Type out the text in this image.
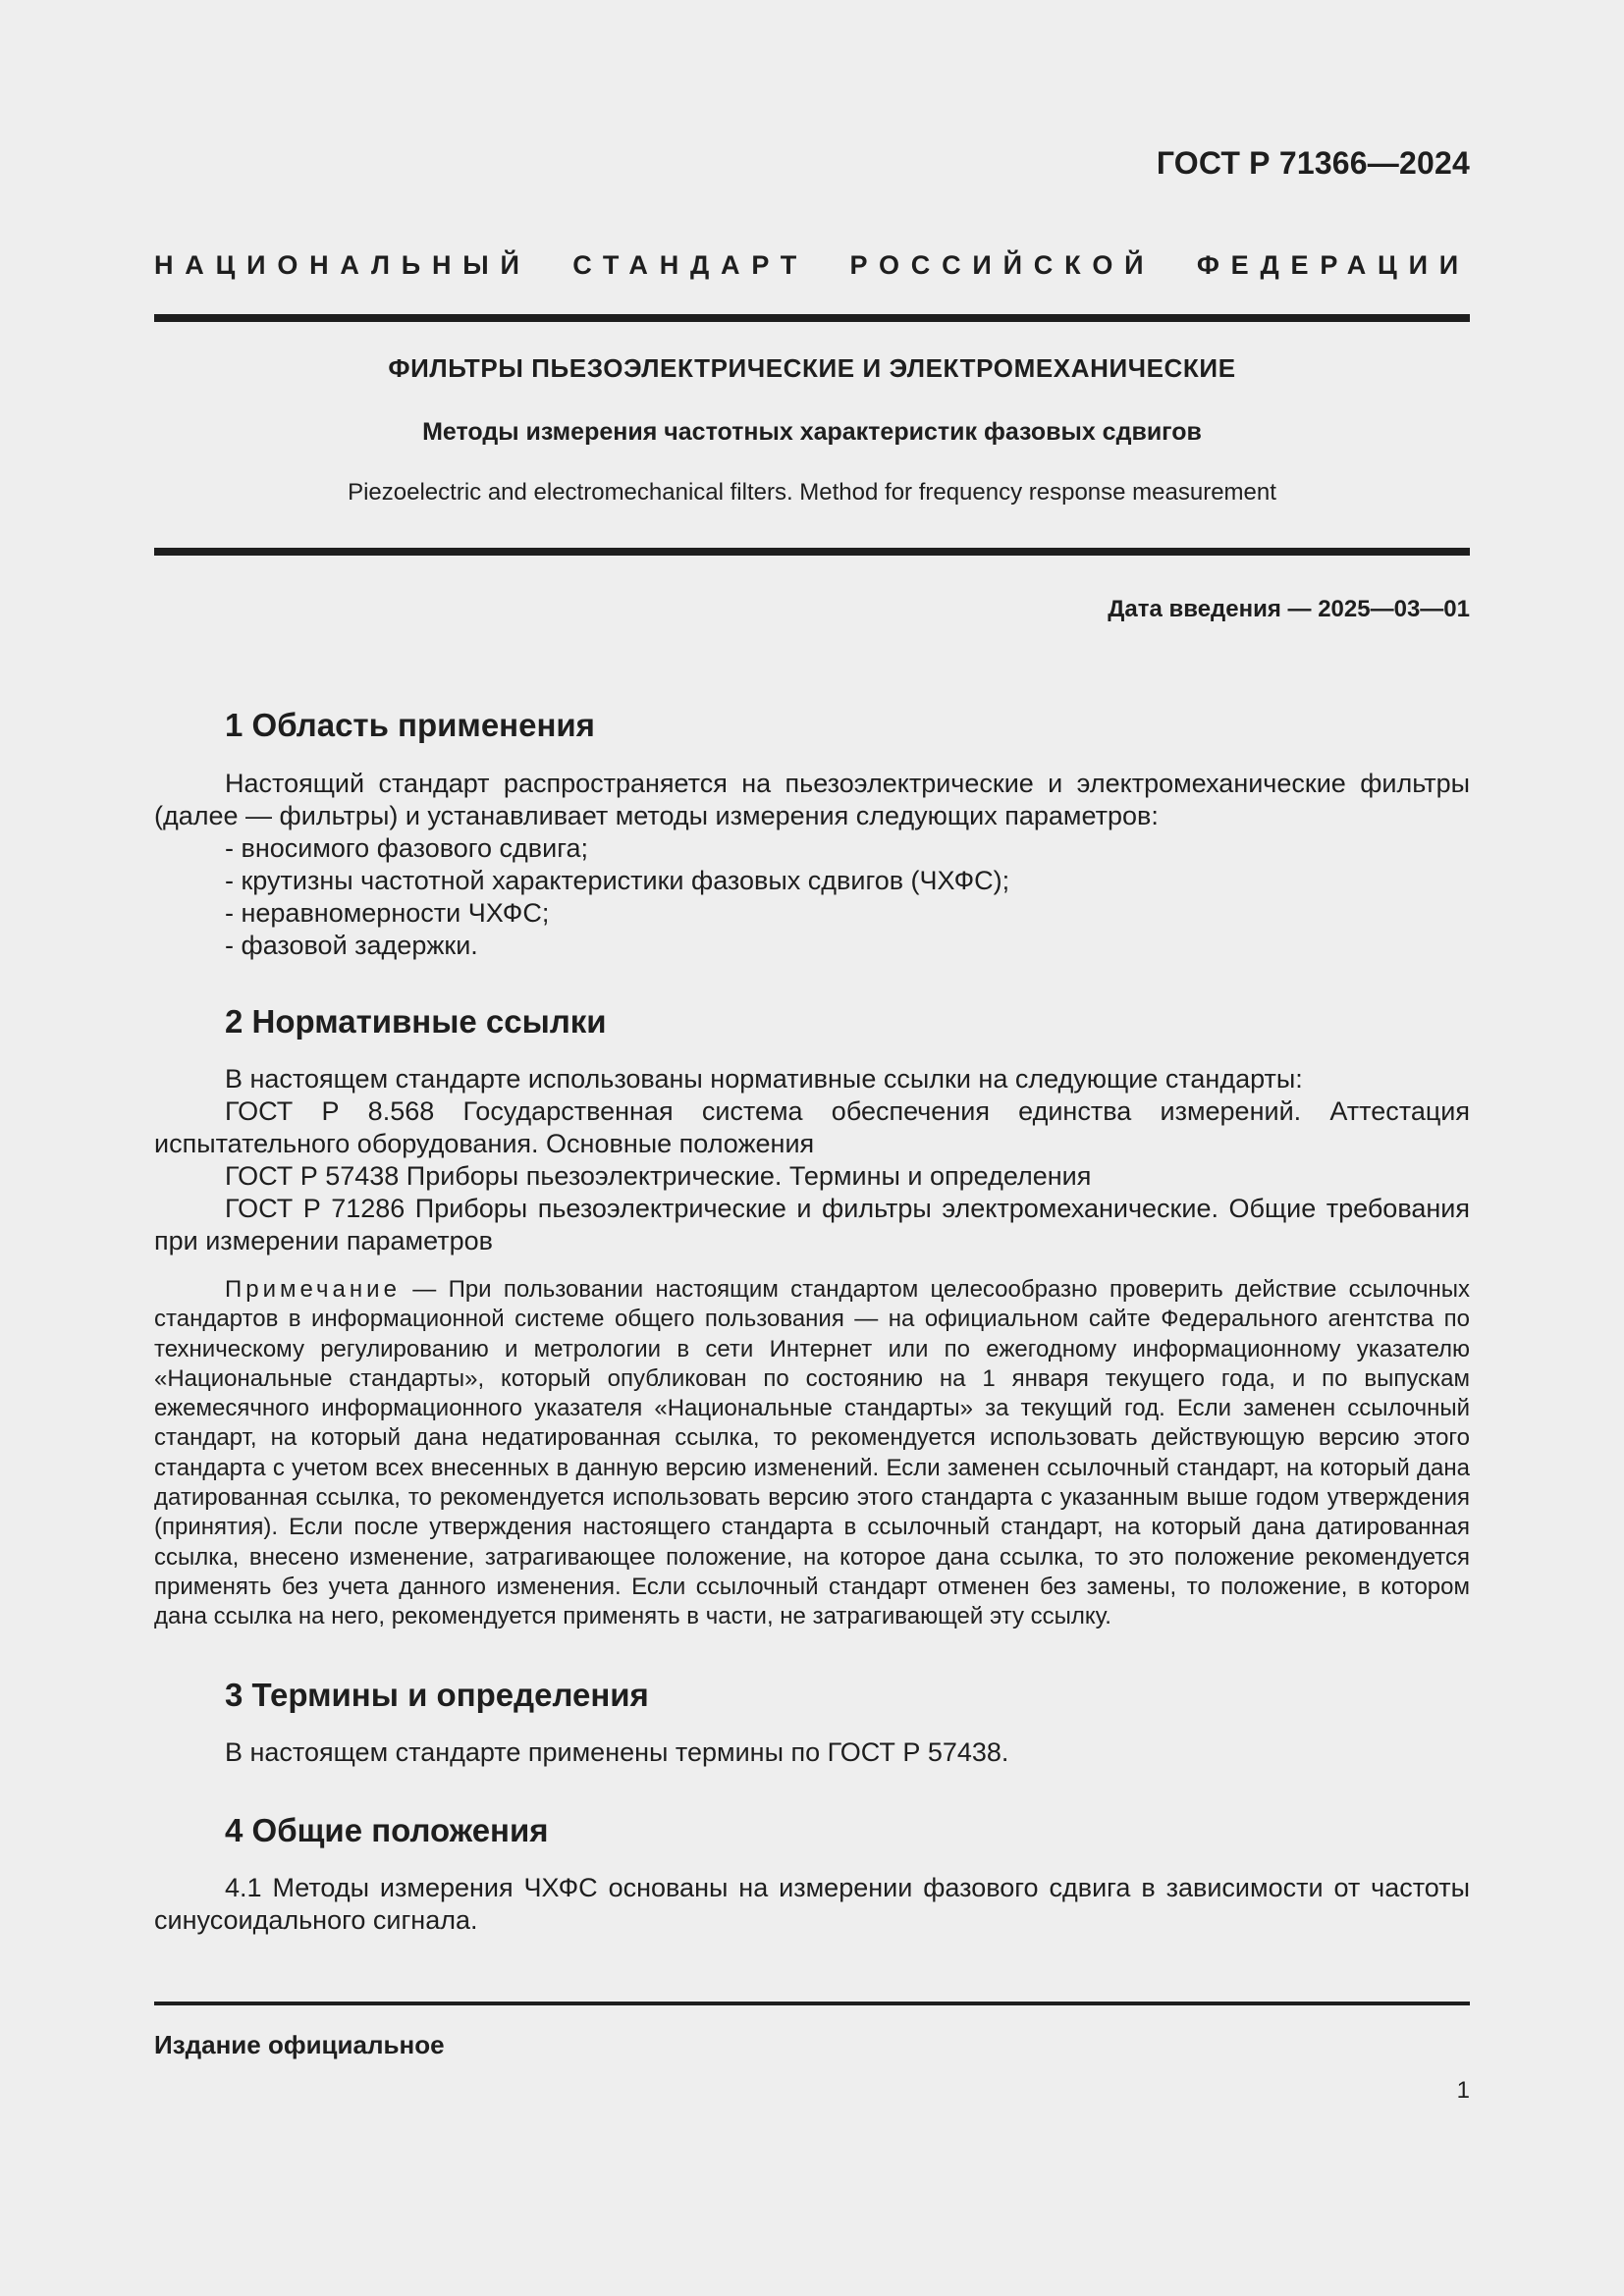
ГОСТ Р 71366—2024
НАЦИОНАЛЬНЫЙ СТАНДАРТ РОССИЙСКОЙ ФЕДЕРАЦИИ
ФИЛЬТРЫ ПЬЕЗОЭЛЕКТРИЧЕСКИЕ И ЭЛЕКТРОМЕХАНИЧЕСКИЕ
Методы измерения частотных характеристик фазовых сдвигов
Piezoelectric and electromechanical filters. Method for frequency response measurement
Дата введения — 2025—03—01
1 Область применения

Настоящий стандарт распространяется на пьезоэлектрические и электромеханические фильтры (далее — фильтры) и устанавливает методы измерения следующих параметров:

- вносимого фазового сдвига;

- крутизны частотной характеристики фазовых сдвигов (ЧХФС);

- неравномерности ЧХФС;

- фазовой задержки.

2 Нормативные ссылки

В настоящем стандарте использованы нормативные ссылки на следующие стандарты:

ГОСТ Р 8.568 Государственная система обеспечения единства измерений. Аттестация испытательного оборудования. Основные положения

ГОСТ Р 57438 Приборы пьезоэлектрические. Термины и определения

ГОСТ Р 71286 Приборы пьезоэлектрические и фильтры электромеханические. Общие требования при измерении параметров

Примечание — При пользовании настоящим стандартом целесообразно проверить действие ссылочных стандартов в информационной системе общего пользования — на официальном сайте Федерального агентства по техническому регулированию и метрологии в сети Интернет или по ежегодному информационному указателю «Национальные стандарты», который опубликован по состоянию на 1 января текущего года, и по выпускам ежемесячного информационного указателя «Национальные стандарты» за текущий год. Если заменен ссылочный стандарт, на который дана недатированная ссылка, то рекомендуется использовать действующую версию этого стандарта с учетом всех внесенных в данную версию изменений. Если заменен ссылочный стандарт, на который дана датированная ссылка, то рекомендуется использовать версию этого стандарта с указанным выше годом утверждения (принятия). Если после утверждения настоящего стандарта в ссылочный стандарт, на который дана датированная ссылка, внесено изменение, затрагивающее положение, на которое дана ссылка, то это положение рекомендуется применять без учета данного изменения. Если ссылочный стандарт отменен без замены, то положение, в котором дана ссылка на него, рекомендуется применять в части, не затрагивающей эту ссылку.
3 Термины и определения

В настоящем стандарте применены термины по ГОСТ Р 57438.

4 Общие положения

4.1 Методы измерения ЧХФС основаны на измерении фазового сдвига в зависимости от частоты синусоидального сигнала.

Издание официальное
1
